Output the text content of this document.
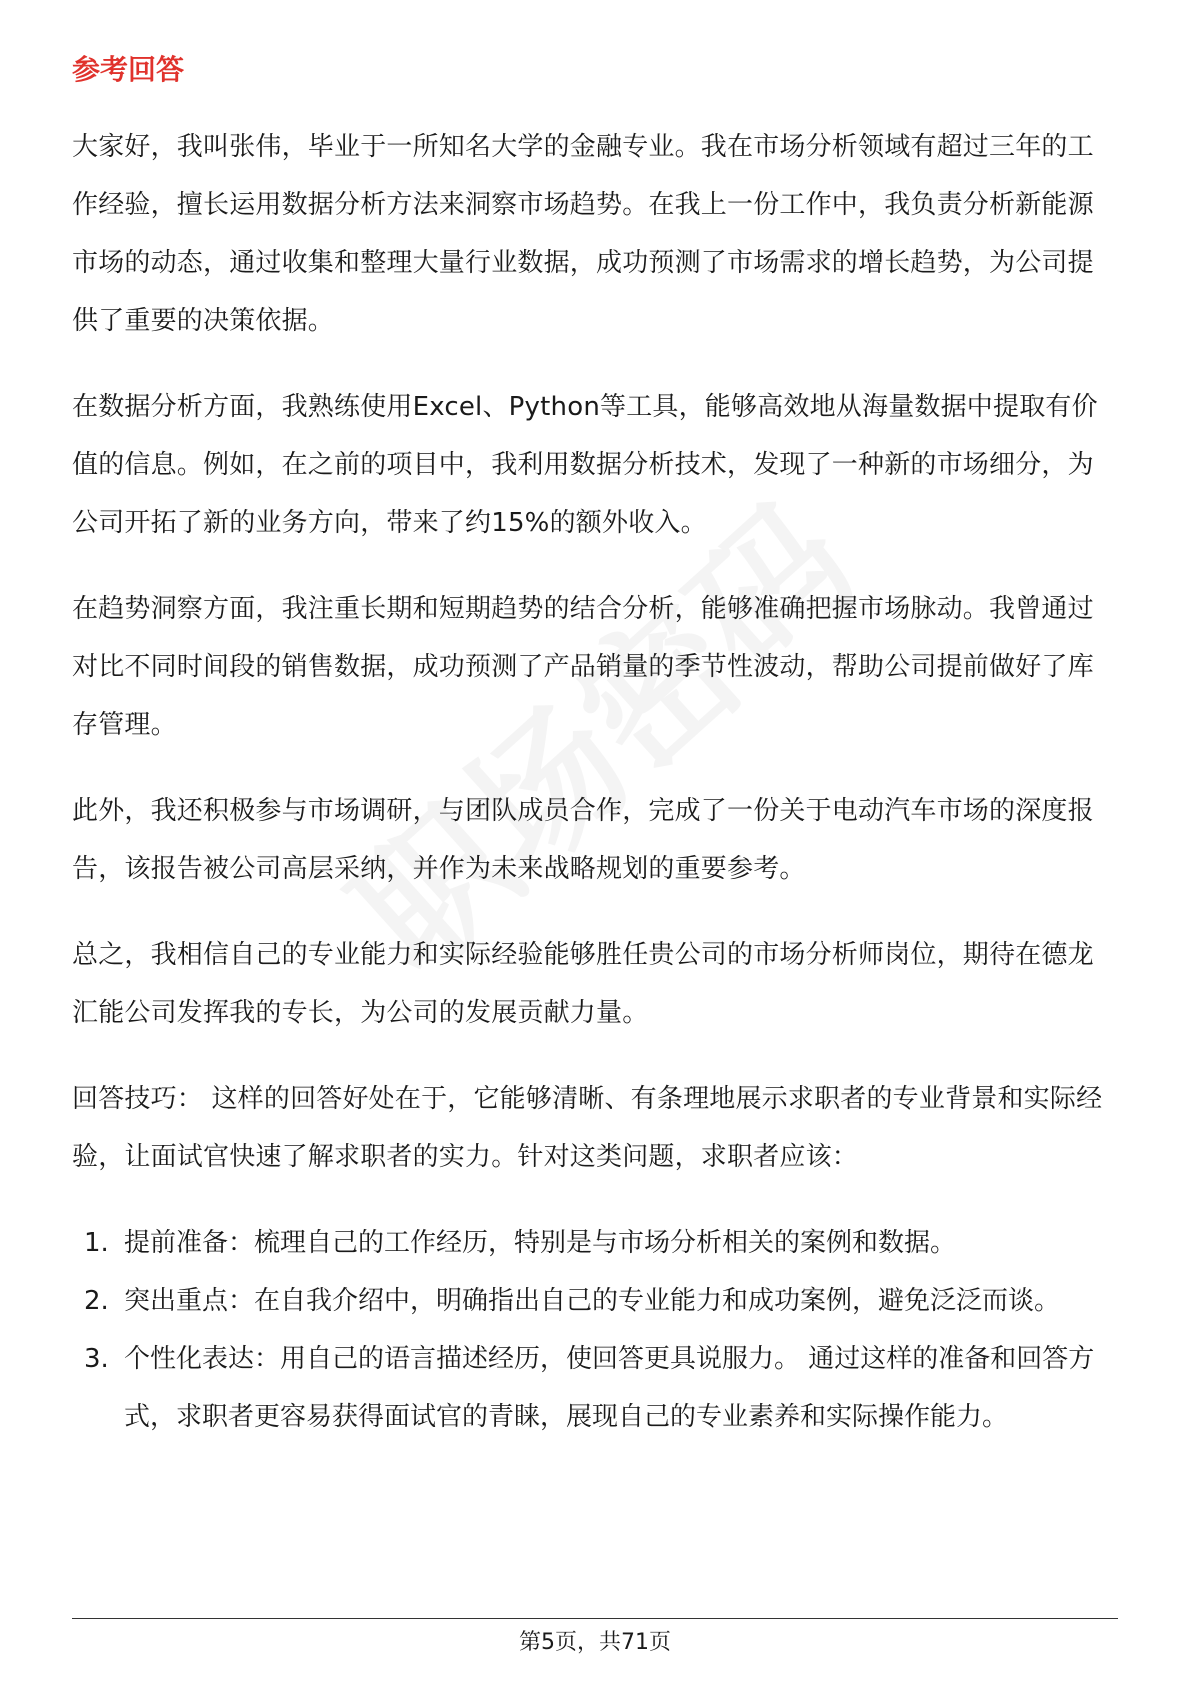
参考回答

大家好，我叫张伟，毕业于一所知名大学的金融专业。我在市场分析领域有超过三年的工作经验，擅长运用数据分析方法来洞察市场趋势。在我上一份工作中，我负责分析新能源市场的动态，通过收集和整理大量行业数据，成功预测了市场需求的增长趋势，为公司提供了重要的决策依据。

在数据分析方面，我熟练使用Excel、Python等工具，能够高效地从海量数据中提取有价值的信息。例如，在之前的项目中，我利用数据分析技术，发现了一种新的市场细分，为公司开拓了新的业务方向，带来了约15%的额外收入。

在趋势洞察方面，我注重长期和短期趋势的结合分析，能够准确把握市场脉动。我曾通过对比不同时间段的销售数据，成功预测了产品销量的季节性波动，帮助公司提前做好了库存管理。

此外，我还积极参与市场调研，与团队成员合作，完成了一份关于电动汽车市场的深度报告，该报告被公司高层采纳，并作为未来战略规划的重要参考。

总之，我相信自己的专业能力和实际经验能够胜任贵公司的市场分析师岗位，期待在德龙汇能公司发挥我的专长，为公司的发展贡献力量。

回答技巧： 这样的回答好处在于，它能够清晰、有条理地展示求职者的专业背景和实际经验，让面试官快速了解求职者的实力。针对这类问题，求职者应该：

1. 提前准备：梳理自己的工作经历，特别是与市场分析相关的案例和数据。
2. 突出重点：在自我介绍中，明确指出自己的专业能力和成功案例，避免泛泛而谈。
3. 个性化表达：用自己的语言描述经历，使回答更具说服力。 通过这样的准备和回答方式，求职者更容易获得面试官的青睐，展现自己的专业素养和实际操作能力。
第5页，共71页
